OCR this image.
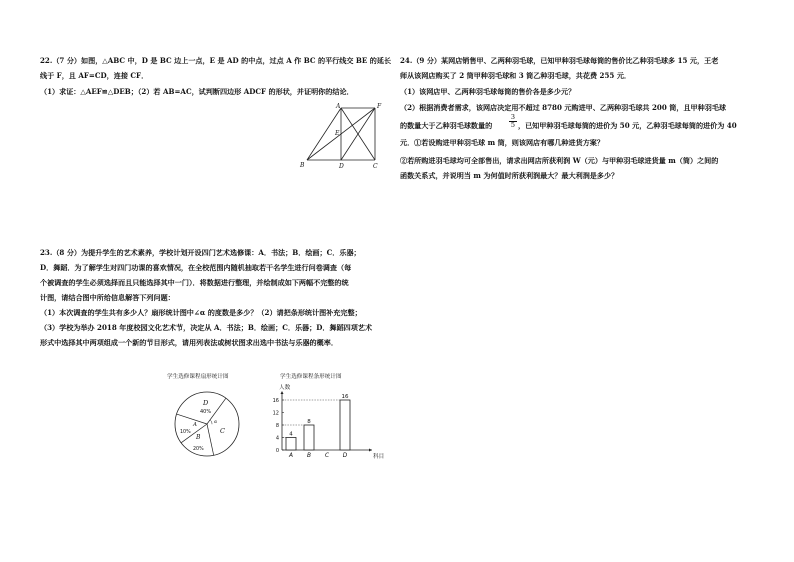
22.（7 分）如图，△ABC 中，D 是 BC 边上一点，E 是 AD 的中点，过点 A 作 BC 的平行线交 BE 的延长
线于 F，且 AF=CD，连接 CF．
（1）求证：△AEF≌△DEB；（2）若 AB=AC，试判断四边形 ADCF 的形状，并证明你的结论．
A	F
E
B	D	C
23.（8 分）为提升学生的艺术素养，学校计划开设四门艺术选修课：A．书法；B．绘画；C．乐器；
D．舞蹈．为了解学生对四门功课的喜欢情况，在全校范围内随机抽取若干名学生进行问卷调查（每
个被调查的学生必须选择而且只能选择其中一门）．将数据进行整理，并绘制成如下两幅不完整的统
计图，请结合图中所给信息解答下列问题：
（1）本次调查的学生共有多少人？扇形统计图中∠α 的度数是多少？（2）请把条形统计图补充完整；
（3）学校为举办 2018 年度校园文化艺术节，决定从 A．书法；B．绘画；C．乐器；D．舞蹈四项艺术
形式中选择其中两项组成一个新的节目形式，请用列表法或树状图求出选中书法与乐器的概率．
学生选修课程扇形统计图
D
40%
A
10%
B
20%
C
α
学生选修课程条形统计图
人数
科目
0
4
8
12
16
4
A
8
B C
16
D
24.（9 分）某网店销售甲、乙两种羽毛球，已知甲种羽毛球每筒的售价比乙种羽毛球多 15 元，王老
师从该网店购买了 2 筒甲种羽毛球和 3 筒乙种羽毛球，共花费 255 元．
（1）该网店甲、乙两种羽毛球每筒的售价各是多少元？
（2）根据消费者需求，该网店决定用不超过 8780 元购进甲、乙两种羽毛球共 200 筒，且甲种羽毛球
的数量大于乙种羽毛球数量的	$\frac{3}{5}$ ，已知甲种羽毛球每筒的进价为 50 元，乙种羽毛球每筒的进价为 40
元．①若设购进甲种羽毛球 m 筒，则该网店有哪几种进货方案？
②若所购进羽毛球均可全部售出，请求出网店所获利润 W（元）与甲种羽毛球进货量 m（筒）之间的
函数关系式，并说明当 m 为何值时所获利润最大？最大利润是多少？
